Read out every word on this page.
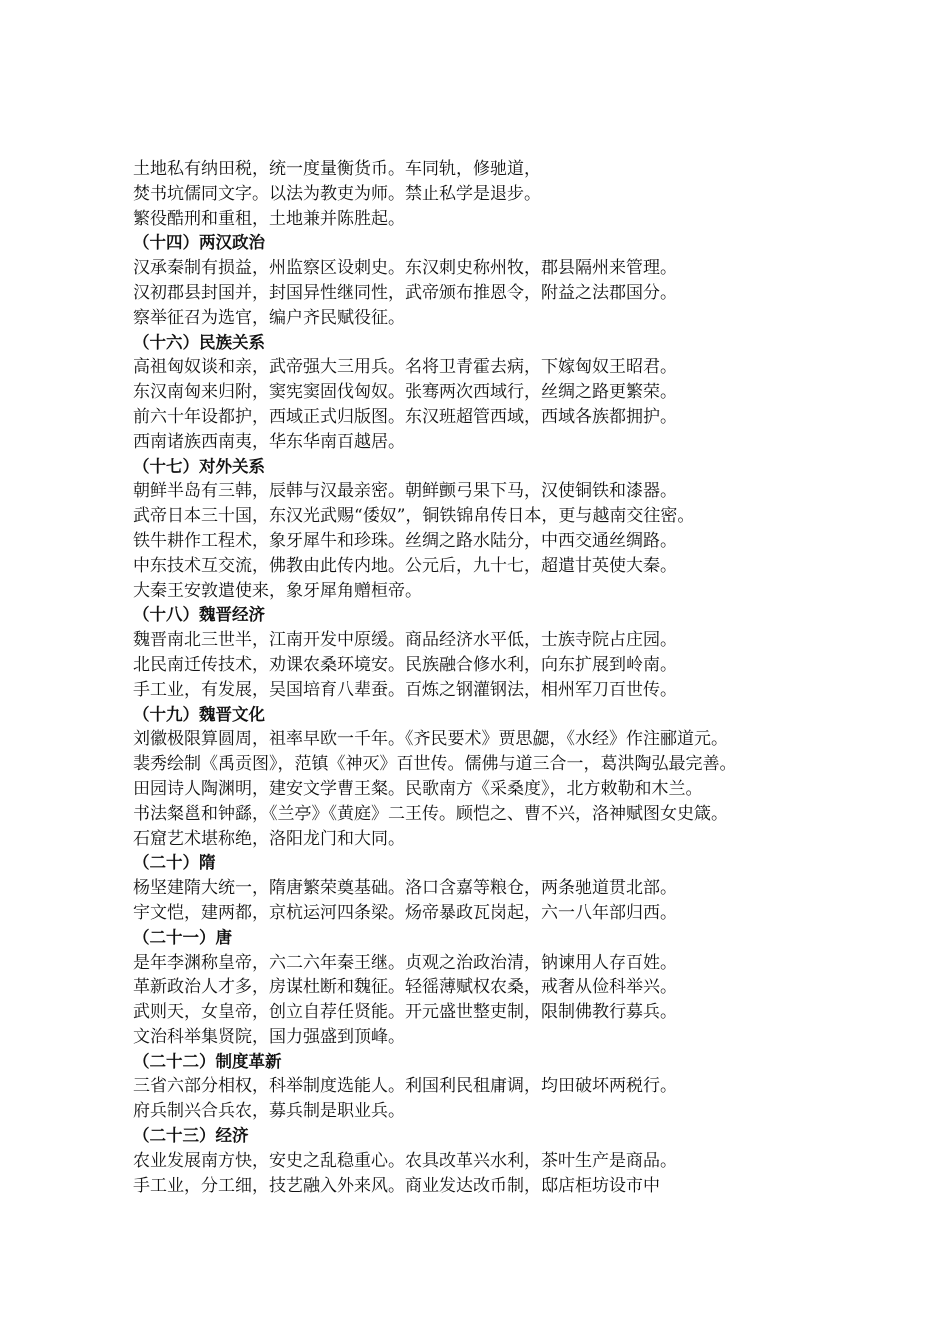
土地私有纳田税，统一度量衡货币。车同轨，修驰道，
焚书坑儒同文字。以法为教吏为师。禁止私学是退步。
繁役酷刑和重租，土地兼并陈胜起。
（十四）两汉政治
汉承秦制有损益，州监察区设刺史。东汉刺史称州牧，郡县隔州来管理。
汉初郡县封国并，封国异性继同性，武帝颁布推恩令，附益之法郡国分。
察举征召为选官，编户齐民赋役征。
（十六）民族关系
高祖匈奴谈和亲，武帝强大三用兵。名将卫青霍去病，下嫁匈奴王昭君。
东汉南匈来归附，窦宪窦固伐匈奴。张骞两次西域行，丝绸之路更繁荣。
前六十年设都护，西域正式归版图。东汉班超管西域，西域各族都拥护。
西南诸族西南夷，华东华南百越居。
（十七）对外关系
朝鲜半岛有三韩，辰韩与汉最亲密。朝鲜颤弓果下马，汉使铜铁和漆器。
武帝日本三十国，东汉光武赐“倭奴”，铜铁锦帛传日本，更与越南交往密。
铁牛耕作工程术，象牙犀牛和珍珠。丝绸之路水陆分，中西交通丝绸路。
中东技术互交流，佛教由此传内地。公元后，九十七，超遣甘英使大秦。
大秦王安敦遣使来，象牙犀角赠桓帝。
（十八）魏晋经济
魏晋南北三世半，江南开发中原缓。商品经济水平低，士族寺院占庄园。
北民南迁传技术，劝课农桑环境安。民族融合修水利，向东扩展到岭南。
手工业，有发展，吴国培育八辈蚕。百炼之钢灌钢法，相州军刀百世传。
（十九）魏晋文化
刘徽极限算圆周，祖率早欧一千年。《齐民要术》贾思勰，《水经》作注郦道元。
裴秀绘制《禹贡图》，范镇《神灭》百世传。儒佛与道三合一，葛洪陶弘最完善。
田园诗人陶渊明，建安文学曹王粲。民歌南方《采桑度》，北方敕勒和木兰。
书法粲邕和钟繇，《兰亭》《黄庭》二王传。顾恺之、曹不兴，洛神赋图女史箴。
石窟艺术堪称绝，洛阳龙门和大同。
（二十）隋
杨坚建隋大统一，隋唐繁荣奠基础。洛口含嘉等粮仓，两条驰道贯北部。
宇文恺，建两都，京杭运河四条梁。炀帝暴政瓦岗起，六一八年部归西。
（二十一）唐
是年李渊称皇帝，六二六年秦王继。贞观之治政治清，钠谏用人存百姓。
革新政治人才多，房谋杜断和魏征。轻徭薄赋权农桑，戒奢从俭科举兴。
武则天，女皇帝，创立自荐任贤能。开元盛世整吏制，限制佛教行募兵。
文治科举集贤院，国力强盛到顶峰。
（二十二）制度革新
三省六部分相权，科举制度选能人。利国利民租庸调，均田破坏两税行。
府兵制兴合兵农，募兵制是职业兵。
（二十三）经济
农业发展南方快，安史之乱稳重心。农具改革兴水利，茶叶生产是商品。
手工业，分工细，技艺融入外来风。商业发达改币制，邸店柜坊设市中
